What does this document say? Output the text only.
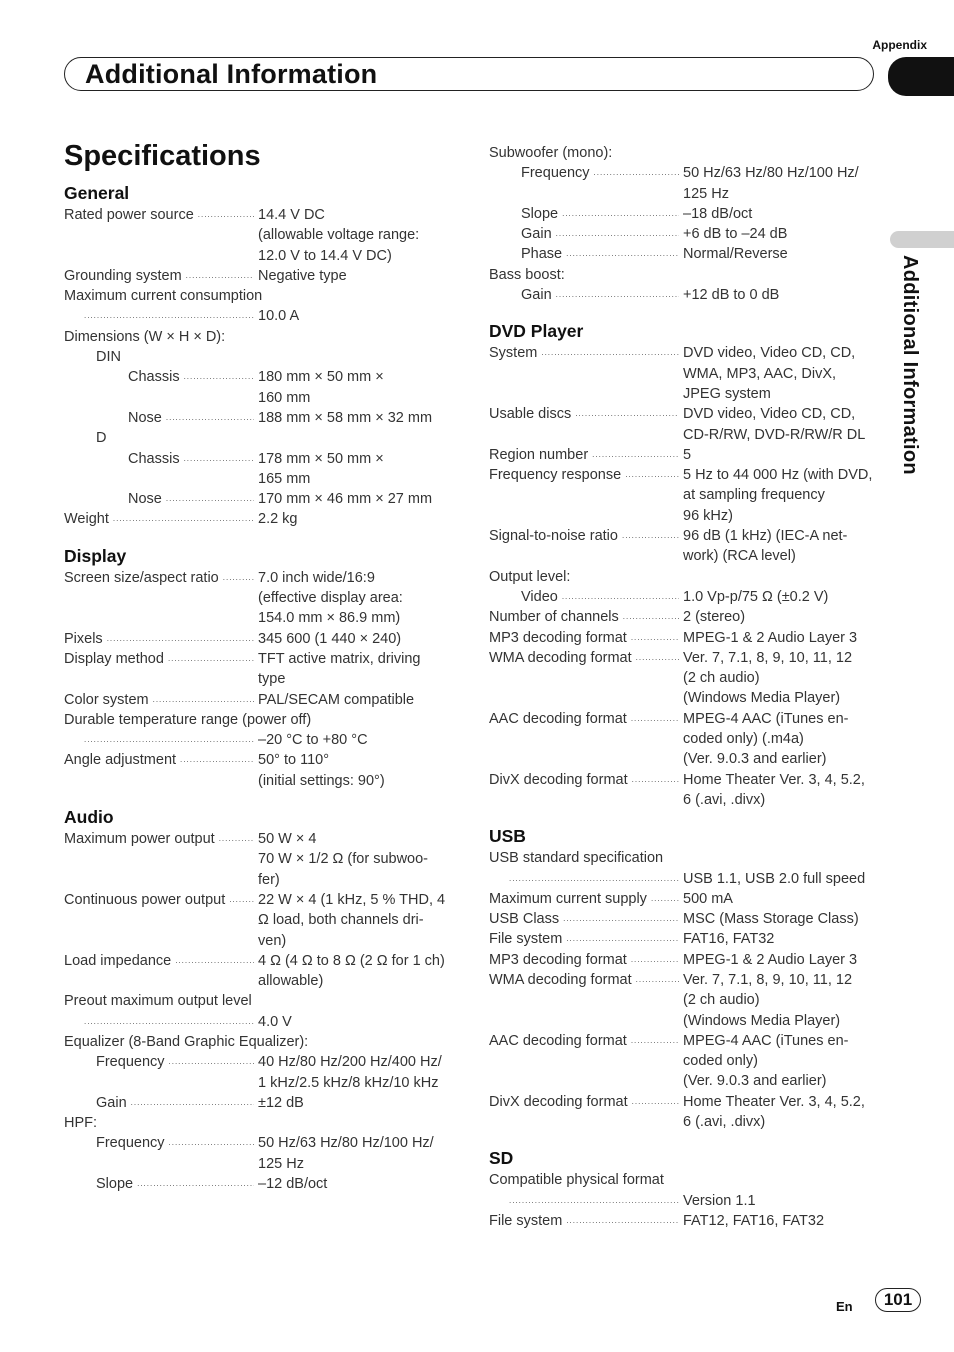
Appendix
Additional Information
Additional Information
Specifications
General
Rated power source .....	14.4 V DC
(allowable voltage range:
12.0 V to 14.4 V DC)
Grounding system .....	Negative type
Maximum current consumption
.....
10.0 A
Dimensions (W × H × D):
DIN
Chassis .....	180 mm × 50 mm ×
160 mm
Nose .....	188 mm × 58 mm × 32 mm
D
Chassis .....	178 mm × 50 mm ×
165 mm
Nose .....	170 mm × 46 mm × 27 mm
Weight .....	2.2 kg
Display
Screen size/aspect ratio .....	7.0 inch wide/16:9
(effective display area:
154.0 mm × 86.9 mm)
Pixels .....	345 600 (1 440 × 240)
Display method .....	TFT active matrix, driving
type
Color system .....	PAL/SECAM compatible
Durable temperature range (power off)
.....
–20 °C to +80 °C
Angle adjustment .....	50° to 110°
(initial settings: 90°)
Audio
Maximum power output .....	50 W × 4
70 W × 1/2 Ω (for subwoo-
fer)
Continuous power output ..... 22 W × 4 (1 kHz, 5 % THD, 4
Ω load, both channels dri-
ven)
Load impedance .....	4 Ω (4 Ω to 8 Ω (2 Ω for 1 ch)
allowable)
Preout maximum output level
.....
4.0 V
Equalizer (8-Band Graphic Equalizer):
Frequency .....	40 Hz/80 Hz/200 Hz/400 Hz/
1 kHz/2.5 kHz/8 kHz/10 kHz
Gain .....	±12 dB
HPF:
Frequency .....	50 Hz/63 Hz/80 Hz/100 Hz/
125 Hz
Slope .....	–12 dB/oct
Subwoofer (mono):
Frequency .....	50 Hz/63 Hz/80 Hz/100 Hz/
125 Hz
Slope .....	–18 dB/oct
Gain .....	+6 dB to –24 dB
Phase .....	Normal/Reverse
Bass boost:
Gain .....	+12 dB to 0 dB
DVD Player
System .....	DVD video, Video CD, CD,
WMA, MP3, AAC, DivX,
JPEG system
Usable discs .....	DVD video, Video CD, CD,
CD-R/RW, DVD-R/RW/R DL
Region number .....	5
Frequency response .....	5 Hz to 44 000 Hz (with DVD,
at sampling frequency
96 kHz)
Signal-to-noise ratio .....	96 dB (1 kHz) (IEC-A net-
work) (RCA level)
Output level:
Video .....	1.0 Vp-p/75 Ω (±0.2 V)
Number of channels .....	2 (stereo)
MP3 decoding format .....	MPEG-1 & 2 Audio Layer 3
WMA decoding format .....	Ver. 7, 7.1, 8, 9, 10, 11, 12
(2 ch audio)
(Windows Media Player)
AAC decoding format .....	MPEG-4 AAC (iTunes en-
coded only) (.m4a)
(Ver. 9.0.3 and earlier)
DivX decoding format .....	Home Theater Ver. 3, 4, 5.2,
6 (.avi, .divx)
USB
USB standard specification
.....
USB 1.1, USB 2.0 full speed
Maximum current supply ..... 500 mA
USB Class .....	MSC (Mass Storage Class)
File system .....	FAT16, FAT32
MP3 decoding format .....	MPEG-1 & 2 Audio Layer 3
WMA decoding format .....	Ver. 7, 7.1, 8, 9, 10, 11, 12
(2 ch audio)
(Windows Media Player)
AAC decoding format .....	MPEG-4 AAC (iTunes en-
coded only)
(Ver. 9.0.3 and earlier)
DivX decoding format .....	Home Theater Ver. 3, 4, 5.2,
6 (.avi, .divx)
SD
Compatible physical format
.....
Version 1.1
File system .....	FAT12, FAT16, FAT32
En	101
